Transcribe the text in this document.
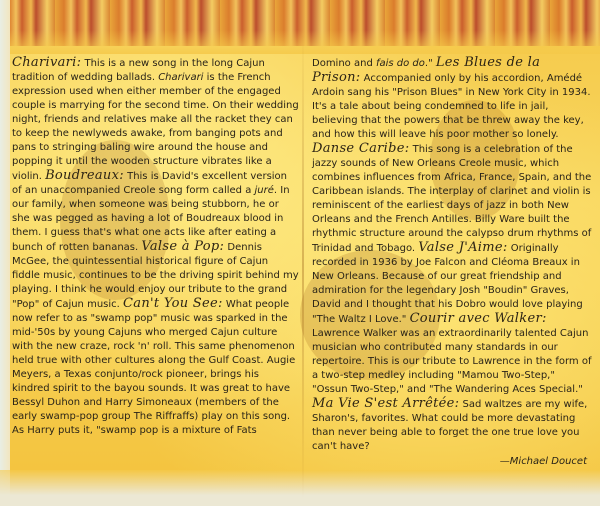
Charivari: This is a new song in the long Cajun tradition of wedding ballads. Charivari is the French expression used when either member of the engaged couple is marrying for the second time. On their wedding night, friends and relatives make all the racket they can to keep the newlyweds awake, from banging pots and pans to stringing baling wire around the house and popping it until the wooden structure vibrates like a violin. Boudreaux: This is David's excellent version of an unaccompanied Creole song form called a juré. In our family, when someone was being stubborn, he or she was pegged as having a lot of Boudreaux blood in them. I guess that's what one acts like after eating a bunch of rotten bananas. Valse à Pop: Dennis McGee, the quintessential historical figure of Cajun fiddle music, continues to be the driving spirit behind my playing. I think he would enjoy our tribute to the grand "Pop" of Cajun music. Can't You See: What people now refer to as "swamp pop" music was sparked in the mid-'50s by young Cajuns who merged Cajun culture with the new craze, rock 'n' roll. This same phenomenon held true with other cultures along the Gulf Coast. Augie Meyers, a Texas conjunto/rock pioneer, brings his kindred spirit to the bayou sounds. It was great to have Bessyl Duhon and Harry Simoneaux (members of the early swamp-pop group The Riffraffs) play on this song. As Harry puts it, "swamp pop is a mixture of Fats

Domino and fais do do." Les Blues de la Prison: Accompanied only by his accordion, Amédé Ardoin sang his "Prison Blues" in New York City in 1934. It's a tale about being condemned to life in jail, believing that the powers that be threw away the key, and how this will leave his poor mother so lonely. Danse Caribe: This song is a celebration of the jazzy sounds of New Orleans Creole music, which combines influences from Africa, France, Spain, and the Caribbean islands. The interplay of clarinet and violin is reminiscent of the earliest days of jazz in both New Orleans and the French Antilles. Billy Ware built the rhythmic structure around the calypso drum rhythms of Trinidad and Tobago. Valse J'Aime: Originally recorded in 1936 by Joe Falcon and Cléoma Breaux in New Orleans. Because of our great friendship and admiration for the legendary Josh "Boudin" Graves, David and I thought that his Dobro would love playing "The Waltz I Love." Courir avec Walker: Lawrence Walker was an extraordinarily talented Cajun musician who contributed many standards in our repertoire. This is our tribute to Lawrence in the form of a two-step medley including "Mamou Two-Step," "Ossun Two-Step," and "The Wandering Aces Special." Ma Vie S'est Arrêtée: Sad waltzes are my wife, Sharon's, favorites. What could be more devastating than never being able to forget the one true love you can't have?

—Michael Doucet
